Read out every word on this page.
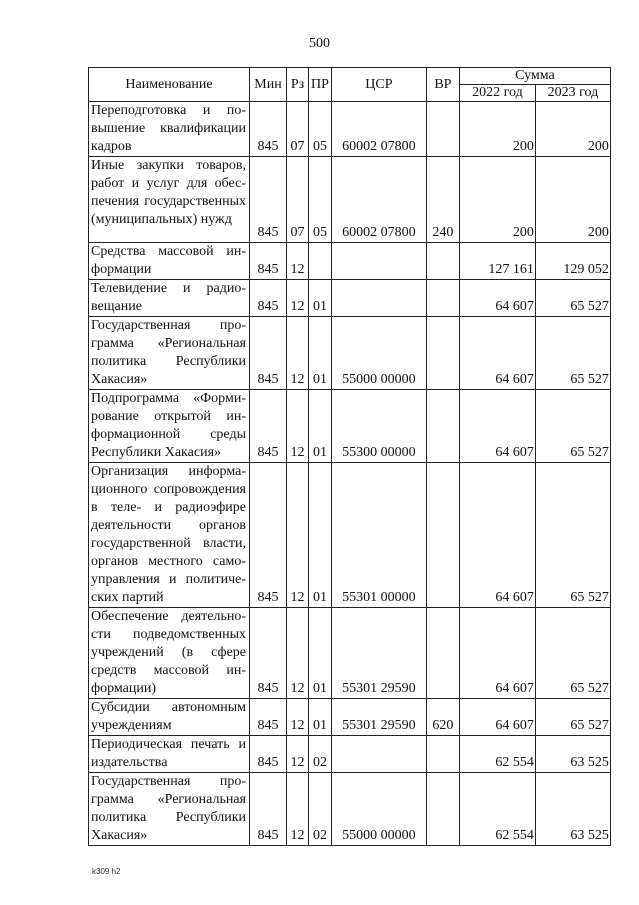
500
Наименование	Мин	Рз	ПР	ЦСР	ВР	Сумма	
						2022 год	2023 год
Переподготовка и повышение квалификации кадров	845	07	05	60002 07800		200	200
Иные закупки товаров, работ и услуг для обеспечения государственных (муниципальных) нужд	845	07	05	60002 07800	240	200	200
Средства массовой информации	845	12				127 161	129 052
Телевидение и радиовещание	845	12	01			64 607	65 527
Государственная программа «Региональная политика Республики Хакасия»	845	12	01	55000 00000		64 607	65 527
Подпрограмма «Формирование открытой информационной среды Республики Хакасия»	845	12	01	55300 00000		64 607	65 527
Организация информационного сопровождения в теле- и радиоэфире деятельности органов государственной власти, органов местного самоуправления и политических партий	845	12	01	55301 00000		64 607	65 527
Обеспечение деятельности подведомственных учреждений (в сфере средств массовой информации)	845	12	01	55301 29590		64 607	65 527
Субсидии автономным учреждениям	845	12	01	55301 29590	620	64 607	65 527
Периодическая печать и издательства	845	12	02			62 554	63 525
Государственная программа «Региональная политика Республики Хакасия»	845	12	02	55000 00000		62 554	63 525
k309 h2
